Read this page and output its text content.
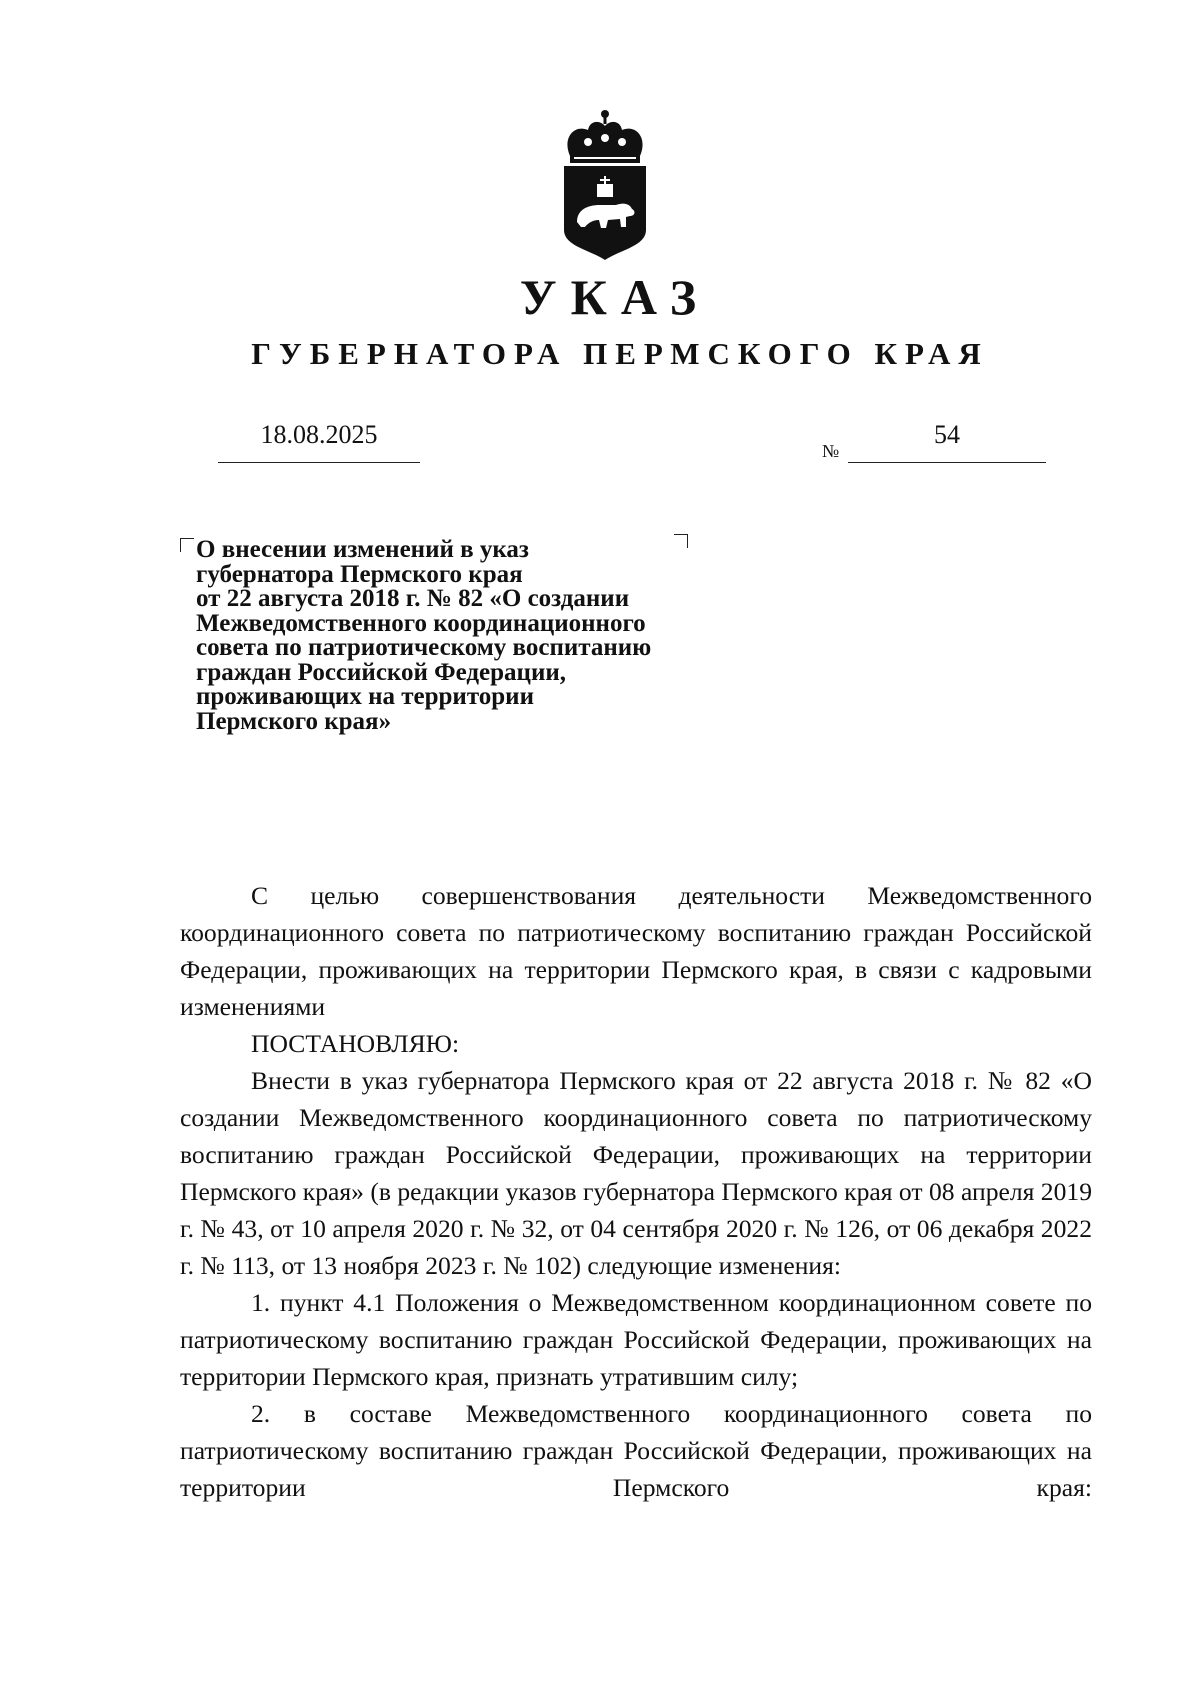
УКАЗ
ГУБЕРНАТОРА ПЕРМСКОГО КРАЯ
18.08.2025
№
54
О внесении изменений в указ
губернатора Пермского края
от 22 августа 2018 г. № 82 «О создании
Межведомственного координационного
совета по патриотическому воспитанию
граждан Российской Федерации,
проживающих на территории
Пермского края»

С целью совершенствования деятельности Межведомственного координационного совета по патриотическому воспитанию граждан Российской Федерации, проживающих на территории Пермского края, в связи с кадровыми изменениями

ПОСТАНОВЛЯЮ:

Внести в указ губернатора Пермского края от 22 августа 2018 г. № 82 «О создании Межведомственного координационного совета по патриотическому воспитанию граждан Российской Федерации, проживающих на территории Пермского края» (в редакции указов губернатора Пермского края от 08 апреля 2019 г. № 43, от 10 апреля 2020 г. № 32, от 04 сентября 2020 г. № 126, от 06 декабря 2022 г. № 113, от 13 ноября 2023 г. № 102) следующие изменения:

1. пункт 4.1 Положения о Межведомственном координационном совете по патриотическому воспитанию граждан Российской Федерации, проживающих на территории Пермского края, признать утратившим силу;

2. в составе Межведомственного координационного совета по патриотическому воспитанию граждан Российской Федерации, проживающих на территории Пермского края:
